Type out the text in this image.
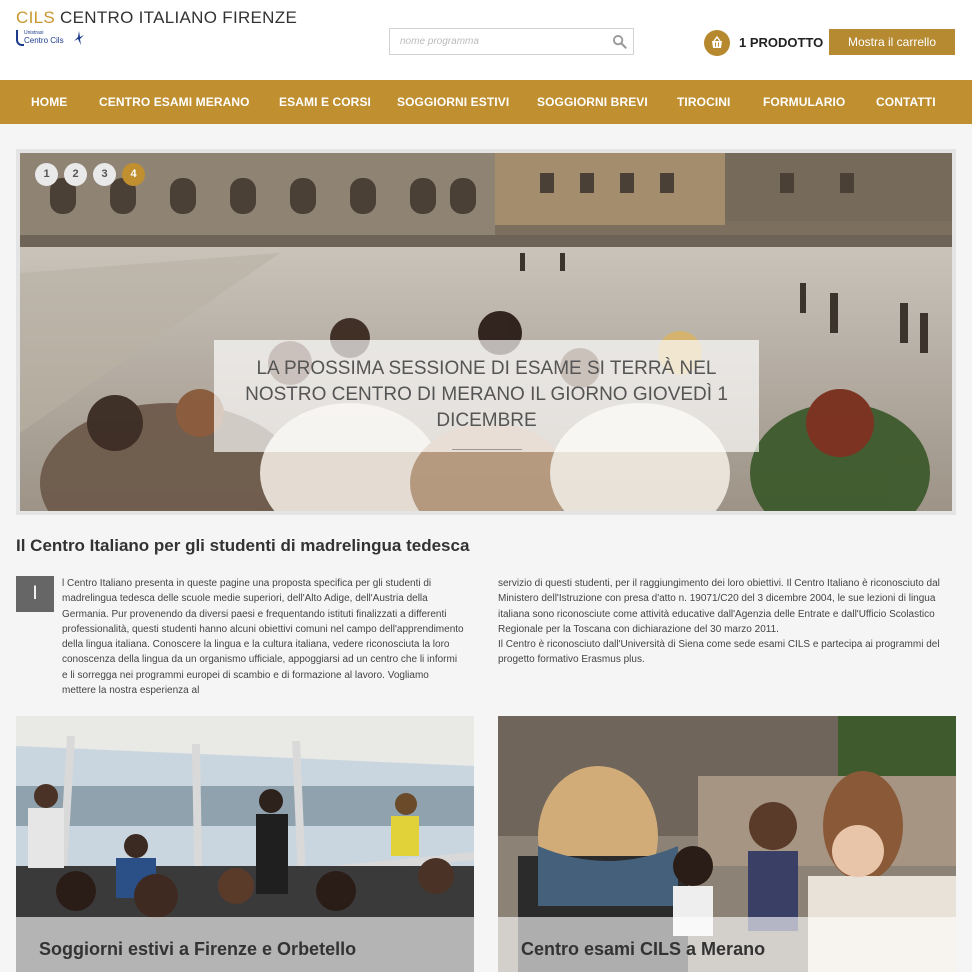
CILS CENTRO ITALIANO FIRENZE
Unistrasi
Centro Cils
nome programma	1 PRODOTTO	Mostra il carrello
HOME	CENTRO ESAMI MERANO ESAMI E CORSI SOGGIORNI ESTIVI SOGGIORNI BREVI TIROCINI	FORMULARIO	CONTATTI
1	2	3	4
LA PROSSIMA SESSIONE DI ESAME SI TERRÀ NEL NOSTRO CENTRO DI MERANO IL GIORNO GIOVEDÌ 1 DICEMBRE
Il Centro Italiano per gli studenti di madrelingua tedesca
I	l Centro Italiano presenta in queste pagine una proposta specifica per gli studenti di madrelingua tedesca delle scuole medie superiori, dell'Alto Adige, dell'Austria della Germania. Pur provenendo da diversi paesi e frequentando istituti finalizzati a differenti professionalità, questi studenti hanno alcuni obiettivi comuni nel campo dell'apprendimento della lingua italiana. Conoscere la lingua e la cultura italiana, vedere riconosciuta la loro conoscenza della lingua da un organismo ufficiale, appoggiarsi ad un centro che li informi e li sorregga nei programmi europei di scambio e di formazione al lavoro. Vogliamo mettere la nostra esperienza al

servizio di questi studenti, per il raggiungimento dei loro obiettivi. Il Centro Italiano è riconosciuto dal Ministero dell'Istruzione con presa d'atto n. 19071/C20 del 3 dicembre 2004, le sue lezioni di lingua italiana sono riconosciute come attività educative dall'Agenzia delle Entrate e dall'Ufficio Scolastico Regionale per la Toscana con dichiarazione del 30 marzo 2011.
Il Centro è riconosciuto dall'Università di Siena come sede esami CILS e partecipa ai programmi del progetto formativo Erasmus plus.
Soggiorni estivi a Firenze e Orbetello	Centro esami CILS a Merano
